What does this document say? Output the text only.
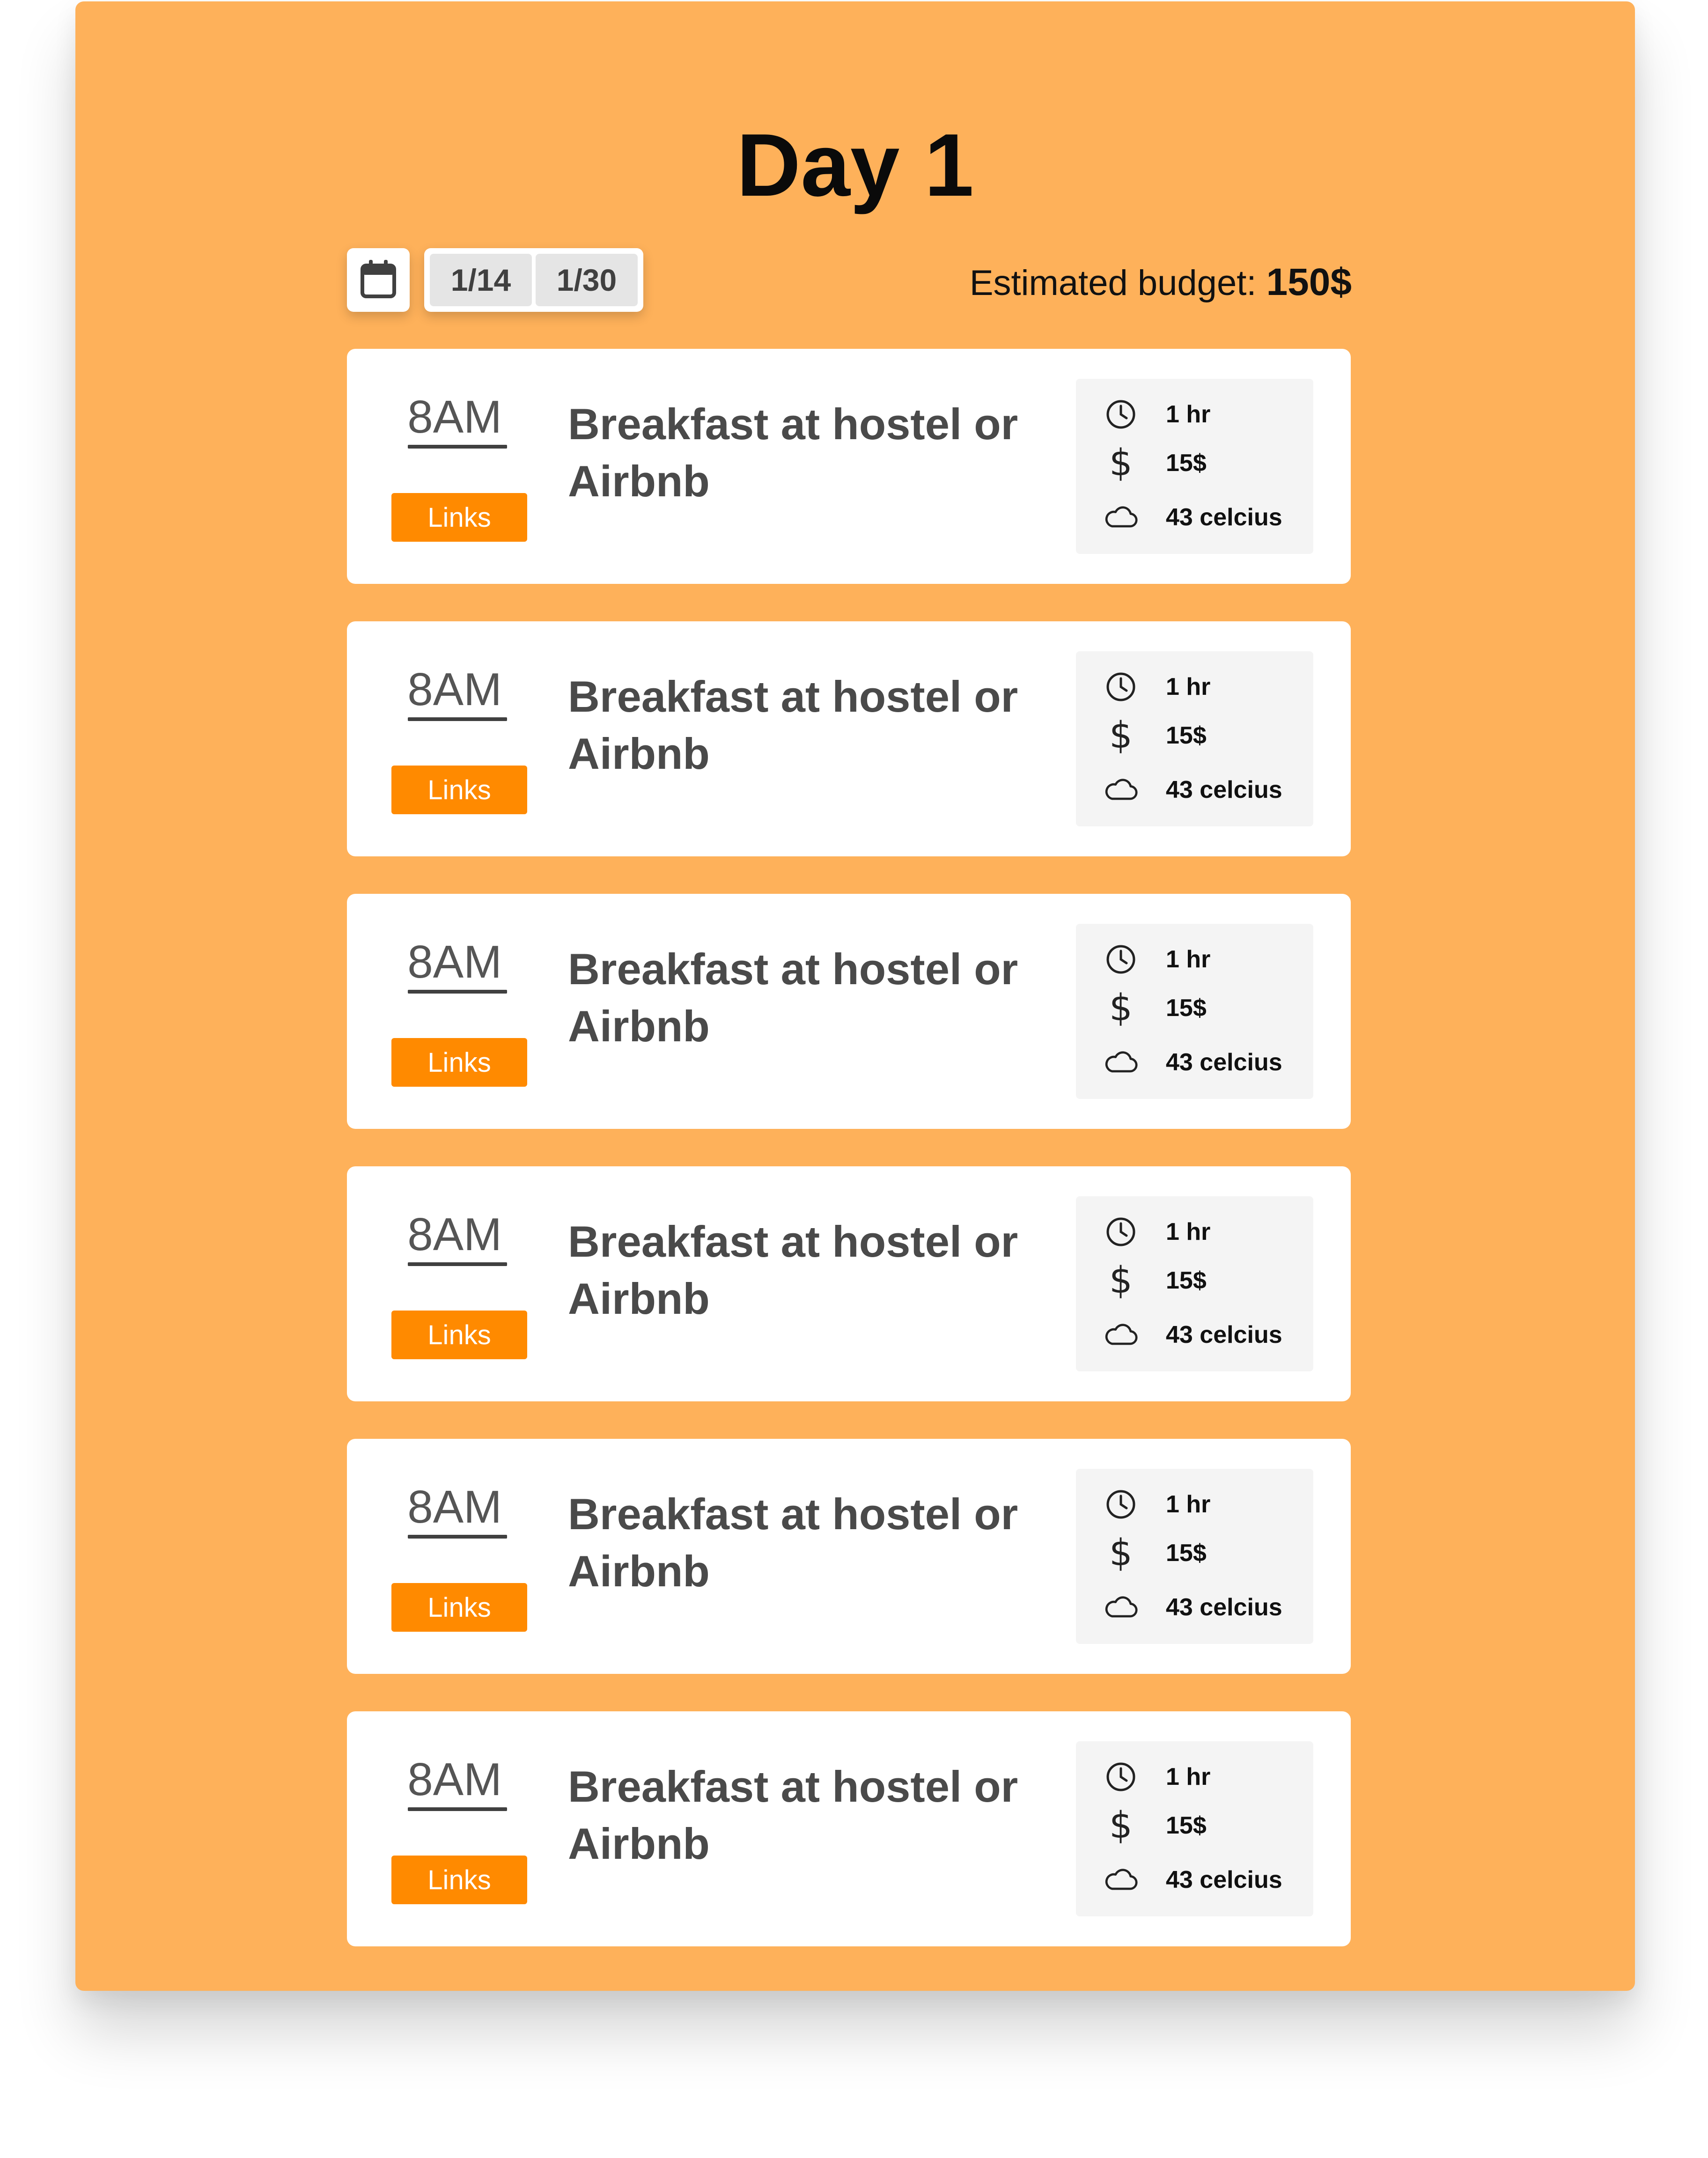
Day 1
1/14	1/30	Estimated budget: 150$
8AM
Links
Breakfast at hostel or Airbnb
1 hr
$ 15$
43 celcius
8AM
Links
Breakfast at hostel or Airbnb
1 hr
$ 15$
43 celcius
8AM
Links
Breakfast at hostel or Airbnb
1 hr
$ 15$
43 celcius
8AM
Links
Breakfast at hostel or Airbnb
1 hr
$ 15$
43 celcius
8AM
Links
Breakfast at hostel or Airbnb
1 hr
$ 15$
43 celcius
8AM
Links
Breakfast at hostel or Airbnb
1 hr
$ 15$
43 celcius
